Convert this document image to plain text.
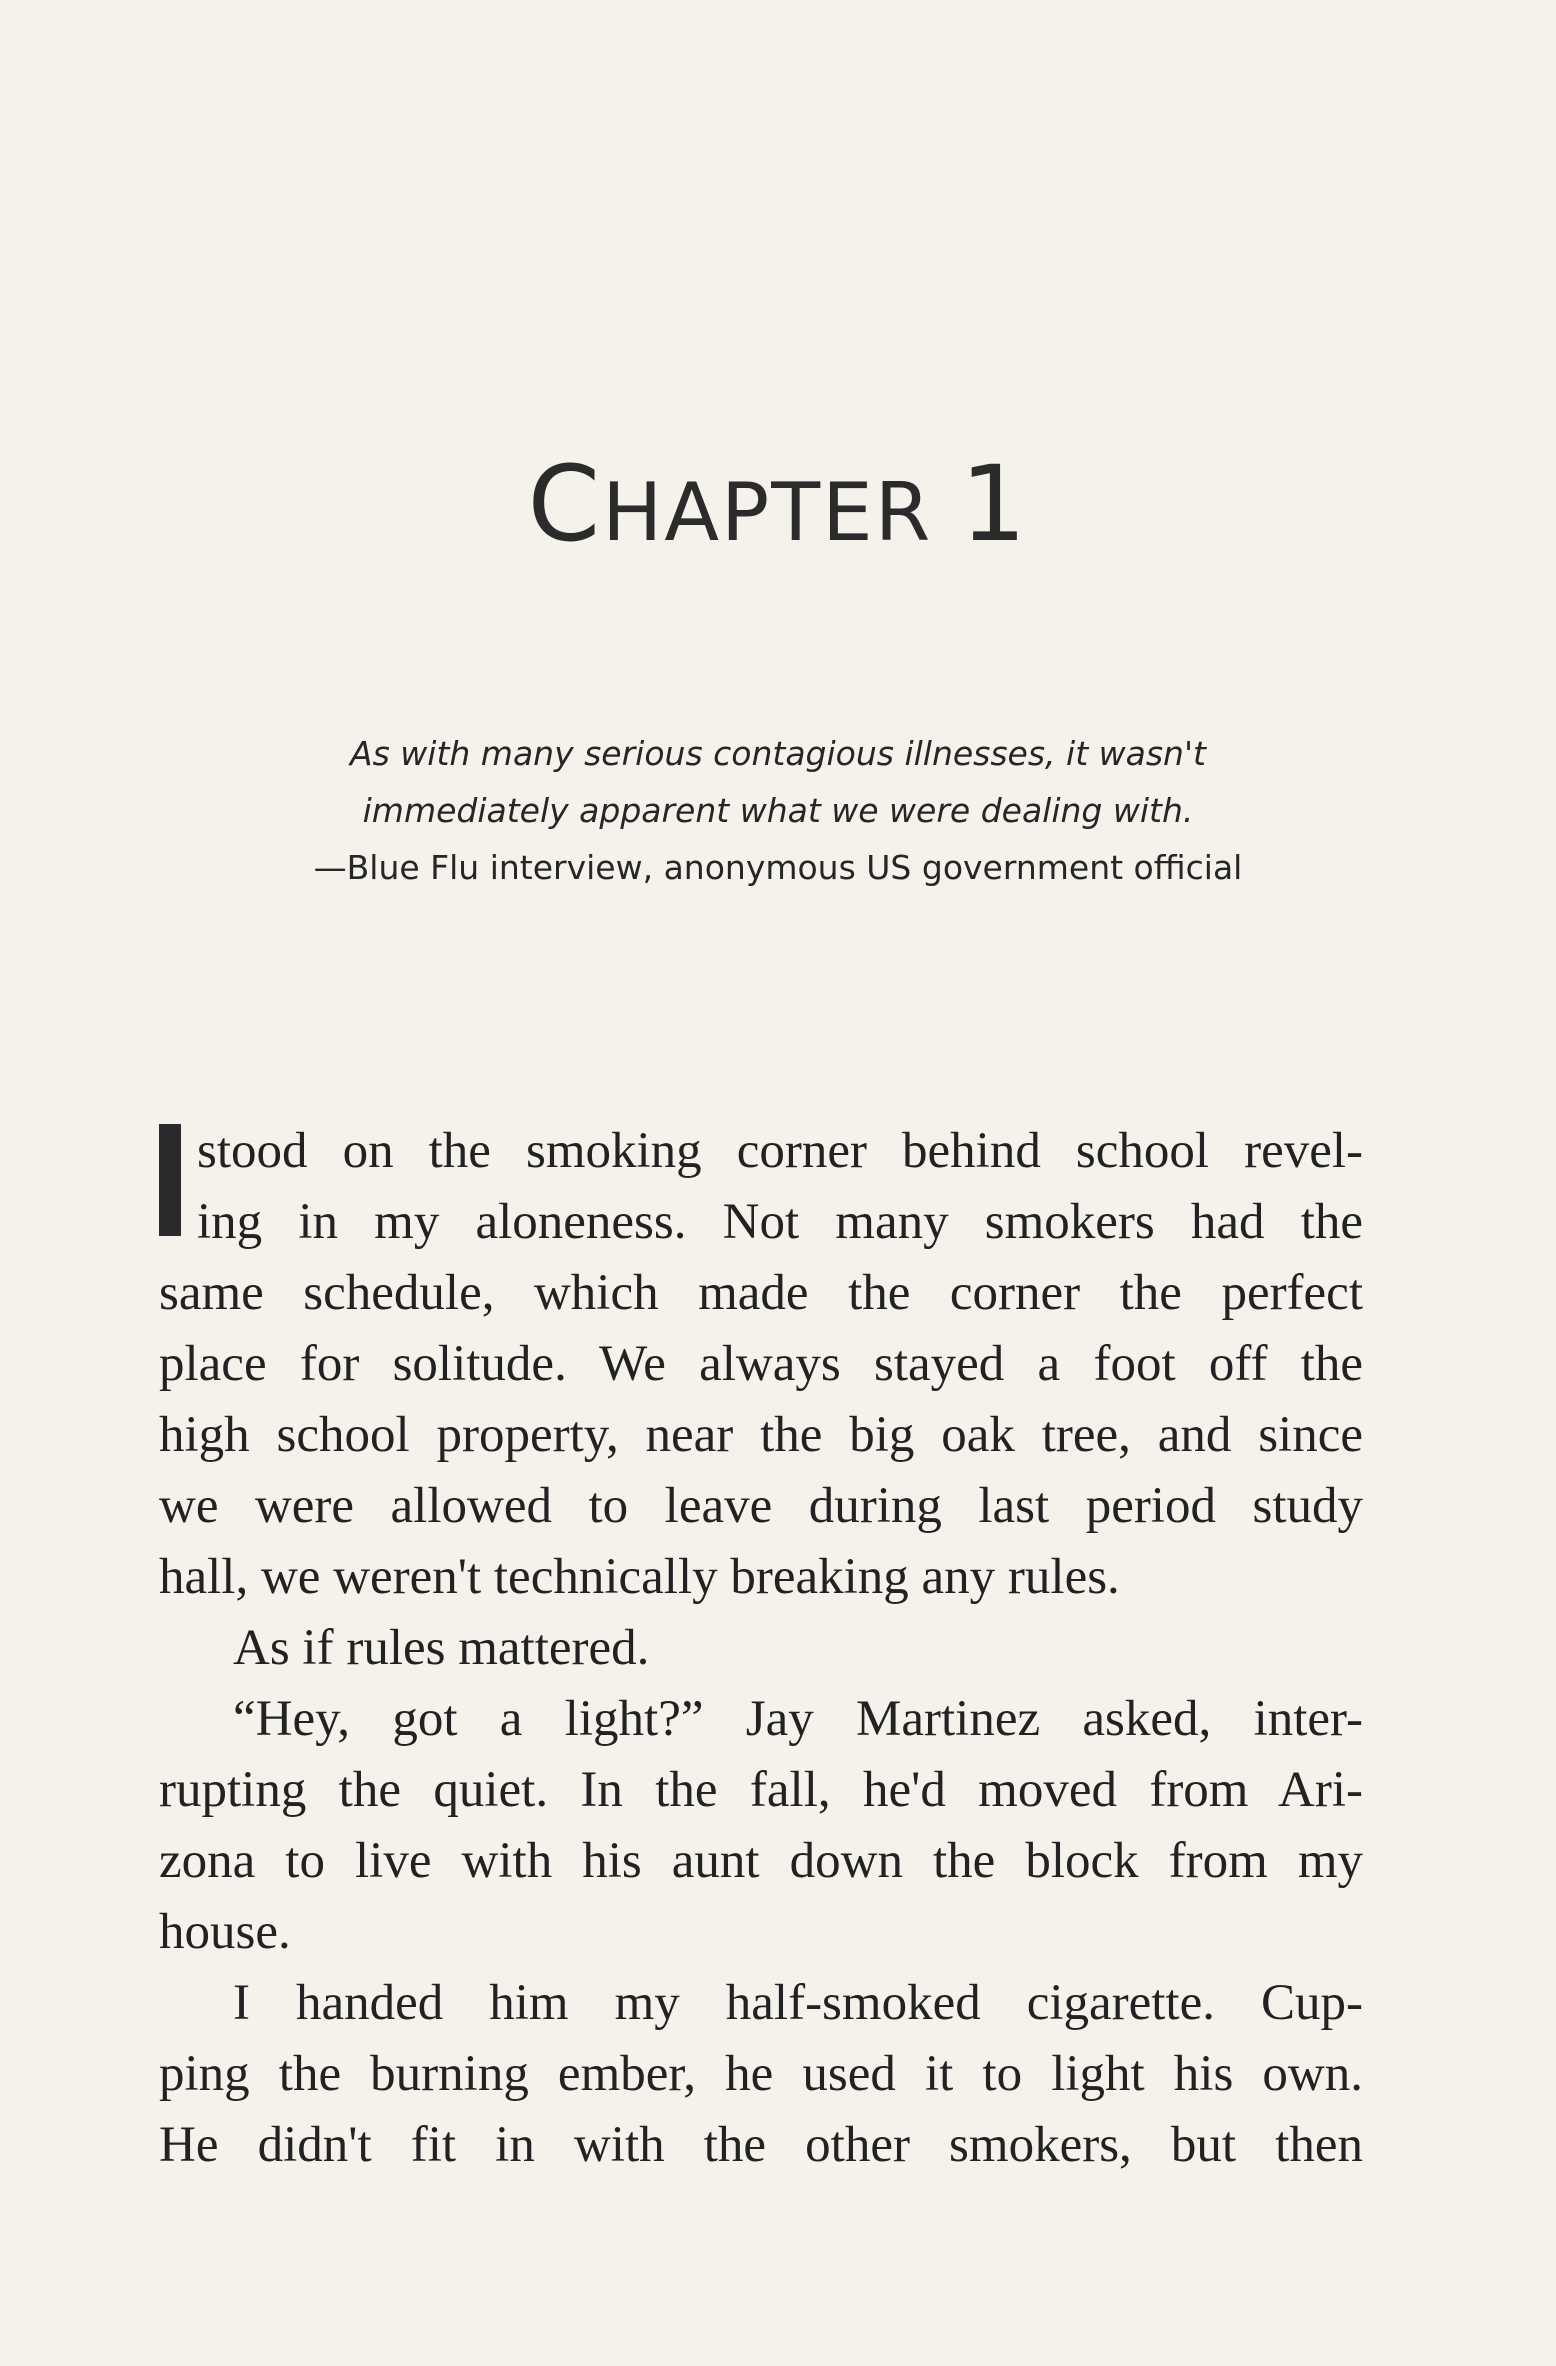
CHAPTER 1
As with many serious contagious illnesses, it wasn't
immediately apparent what we were dealing with.
—Blue Flu interview, anonymous US government official
stood on the smoking corner behind school revel-
ing in my aloneness. Not many smokers had the
same schedule, which made the corner the perfect
place for solitude. We always stayed a foot off the
high school property, near the big oak tree, and since
we were allowed to leave during last period study
hall, we weren't technically breaking any rules.
As if rules mattered.
“Hey, got a light?” Jay Martinez asked, inter-
rupting the quiet. In the fall, he'd moved from Ari-
zona to live with his aunt down the block from my
house.
I handed him my half-smoked cigarette. Cup-
ping the burning ember, he used it to light his own.
He didn't fit in with the other smokers, but then
